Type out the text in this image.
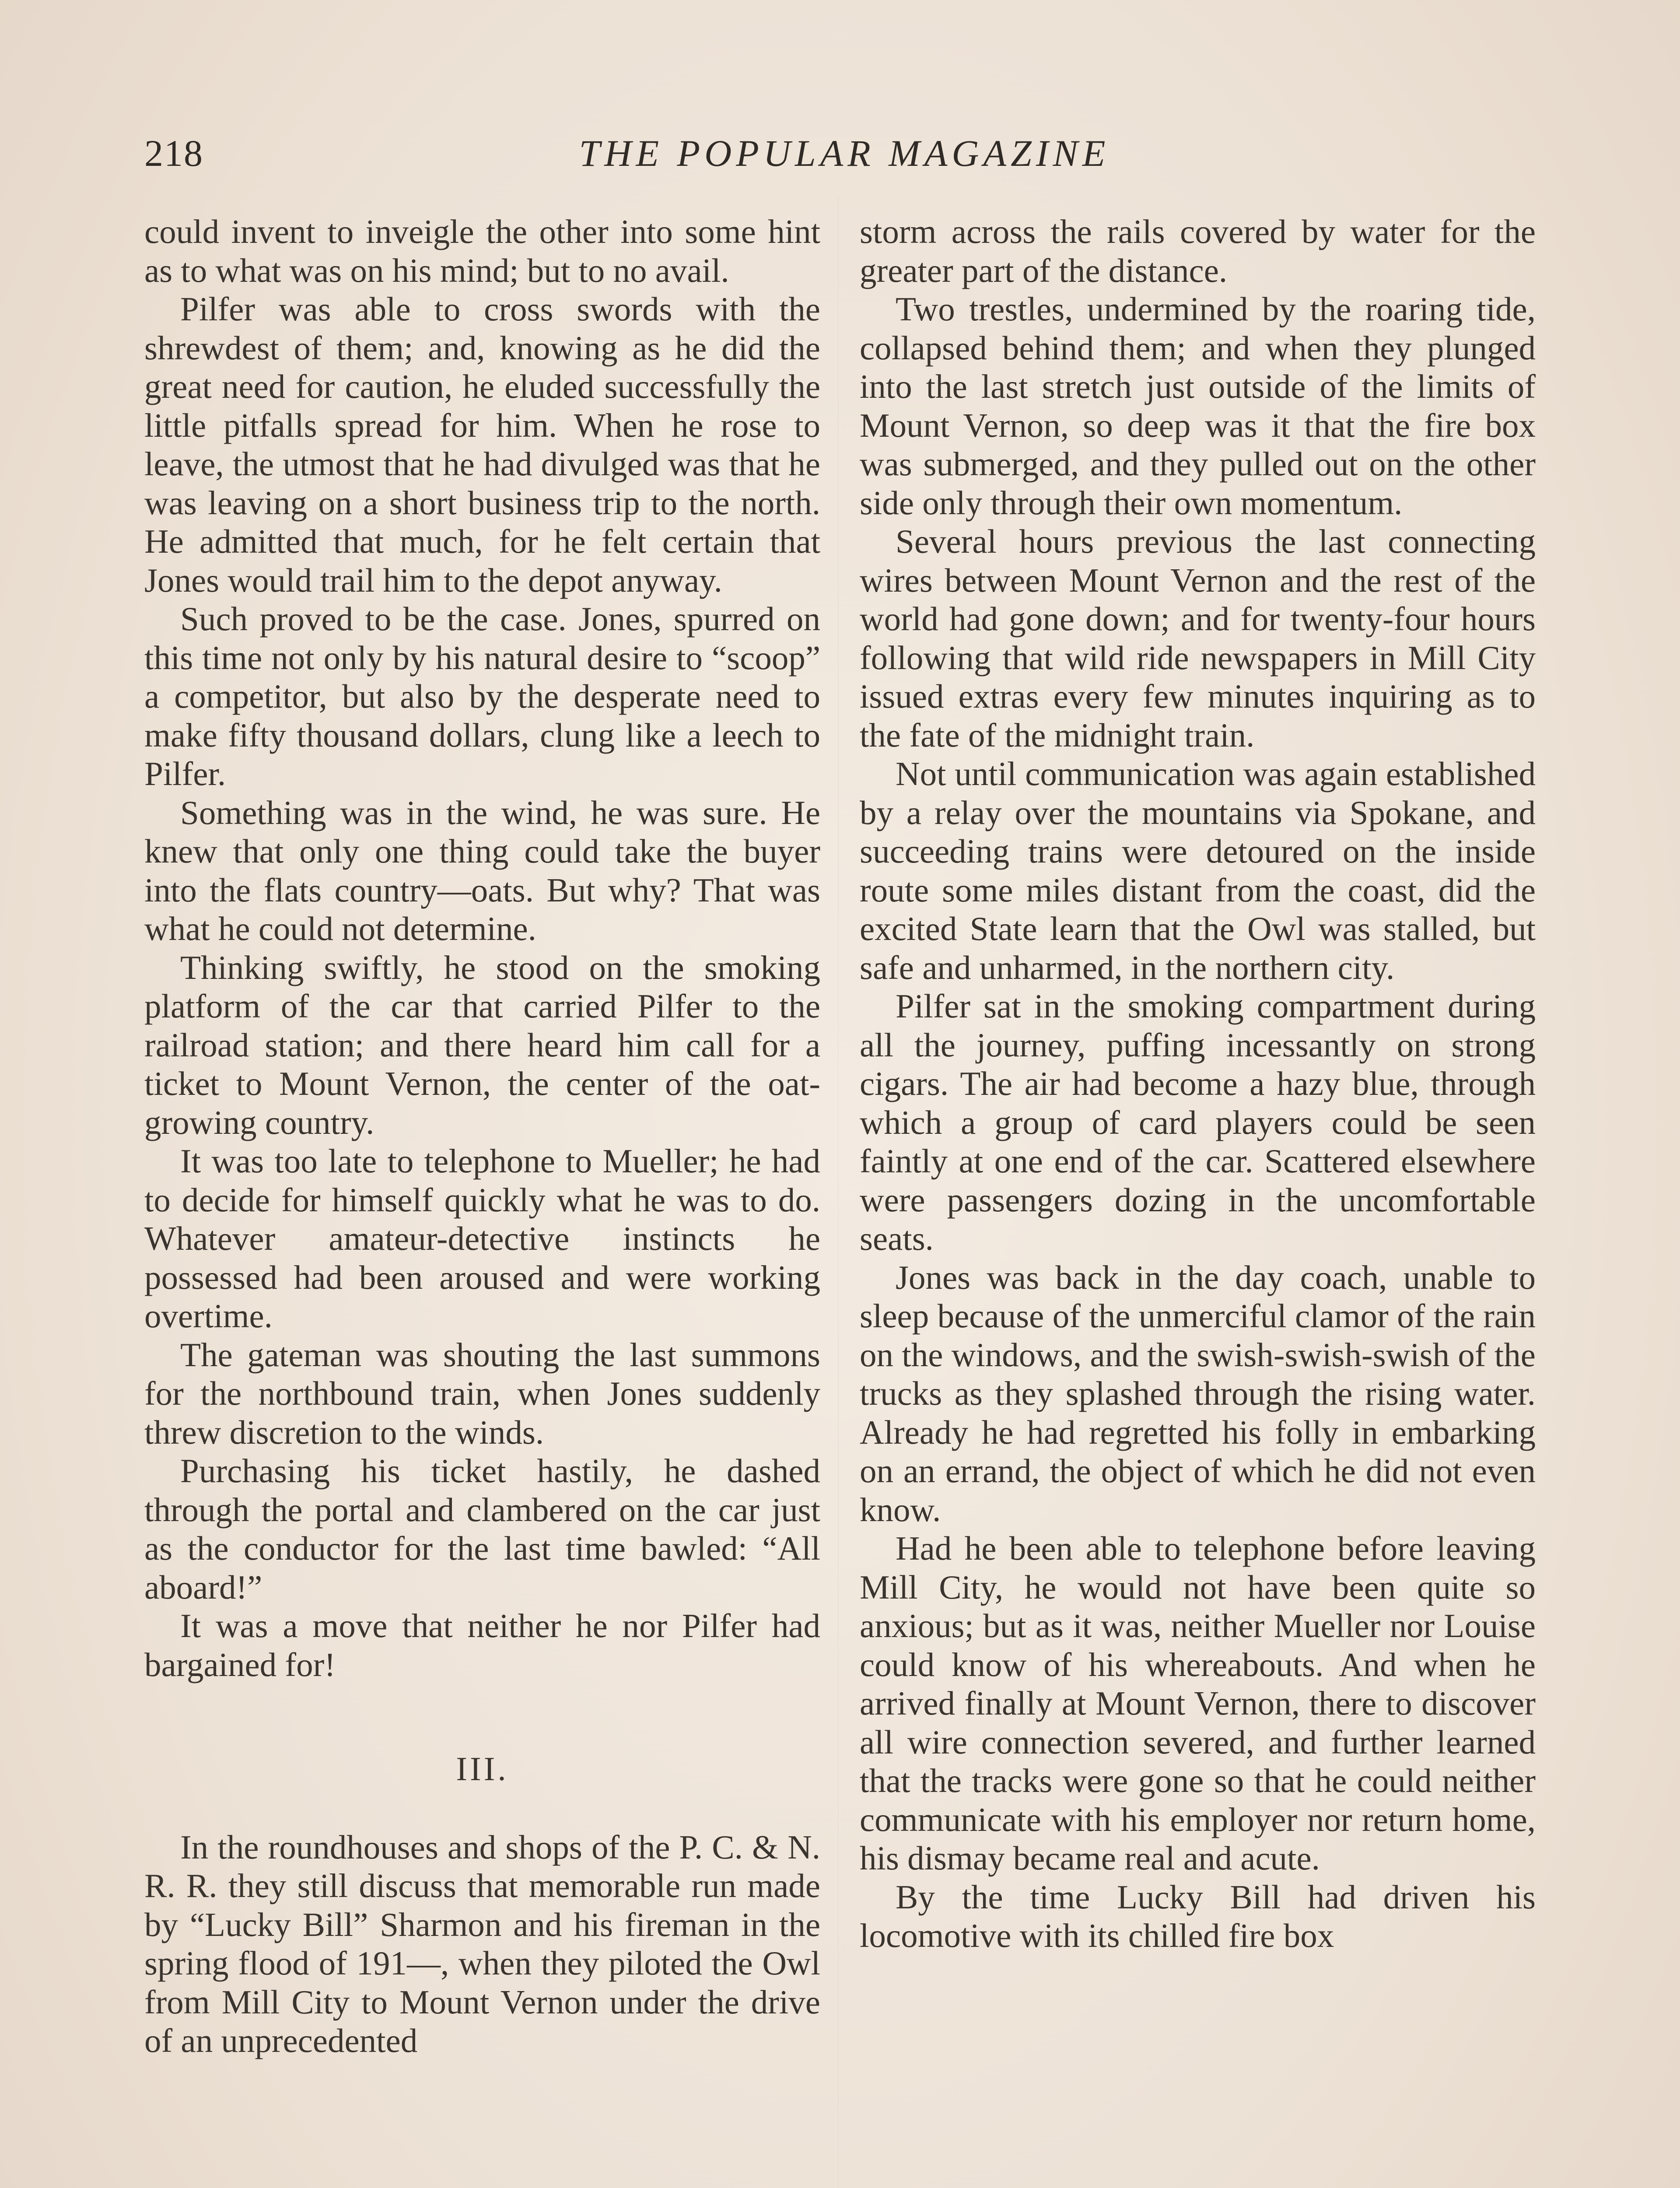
218	THE POPULAR MAGAZINE

could invent to inveigle the other into some hint as to what was on his mind; but to no avail.

Pilfer was able to cross swords with the shrewdest of them; and, knowing as he did the great need for caution, he eluded successfully the little pitfalls spread for him. When he rose to leave, the utmost that he had divulged was that he was leaving on a short business trip to the north. He admitted that much, for he felt certain that Jones would trail him to the depot anyway.

Such proved to be the case. Jones, spurred on this time not only by his natural desire to “scoop” a competitor, but also by the desperate need to make fifty thousand dollars, clung like a leech to Pilfer.

Something was in the wind, he was sure. He knew that only one thing could take the buyer into the flats country—oats. But why? That was what he could not determine.

Thinking swiftly, he stood on the smoking platform of the car that carried Pilfer to the railroad station; and there heard him call for a ticket to Mount Vernon, the center of the oat-growing country.

It was too late to telephone to Mueller; he had to decide for himself quickly what he was to do. Whatever amateur-detective instincts he possessed had been aroused and were working overtime.

The gateman was shouting the last summons for the northbound train, when Jones suddenly threw discretion to the winds.

Purchasing his ticket hastily, he dashed through the portal and clambered on the car just as the conductor for the last time bawled: “All aboard!”

It was a move that neither he nor Pilfer had bargained for!

III.

In the roundhouses and shops of the P. C. & N. R. R. they still discuss that memorable run made by “Lucky Bill” Sharmon and his fireman in the spring flood of 191—, when they piloted the Owl from Mill City to Mount Vernon under the drive of an unprecedented

storm across the rails covered by water for the greater part of the distance.

Two trestles, undermined by the roaring tide, collapsed behind them; and when they plunged into the last stretch just outside of the limits of Mount Vernon, so deep was it that the fire box was submerged, and they pulled out on the other side only through their own momentum.

Several hours previous the last connecting wires between Mount Vernon and the rest of the world had gone down; and for twenty-four hours following that wild ride newspapers in Mill City issued extras every few minutes inquiring as to the fate of the midnight train.

Not until communication was again established by a relay over the mountains via Spokane, and succeeding trains were detoured on the inside route some miles distant from the coast, did the excited State learn that the Owl was stalled, but safe and unharmed, in the northern city.

Pilfer sat in the smoking compartment during all the journey, puffing incessantly on strong cigars. The air had become a hazy blue, through which a group of card players could be seen faintly at one end of the car. Scattered elsewhere were passengers dozing in the uncomfortable seats.

Jones was back in the day coach, unable to sleep because of the unmerciful clamor of the rain on the windows, and the swish-swish-swish of the trucks as they splashed through the rising water. Already he had regretted his folly in embarking on an errand, the object of which he did not even know.

Had he been able to telephone before leaving Mill City, he would not have been quite so anxious; but as it was, neither Mueller nor Louise could know of his whereabouts. And when he arrived finally at Mount Vernon, there to discover all wire connection severed, and further learned that the tracks were gone so that he could neither communicate with his employer nor return home, his dismay became real and acute.

By the time Lucky Bill had driven his locomotive with its chilled fire box
